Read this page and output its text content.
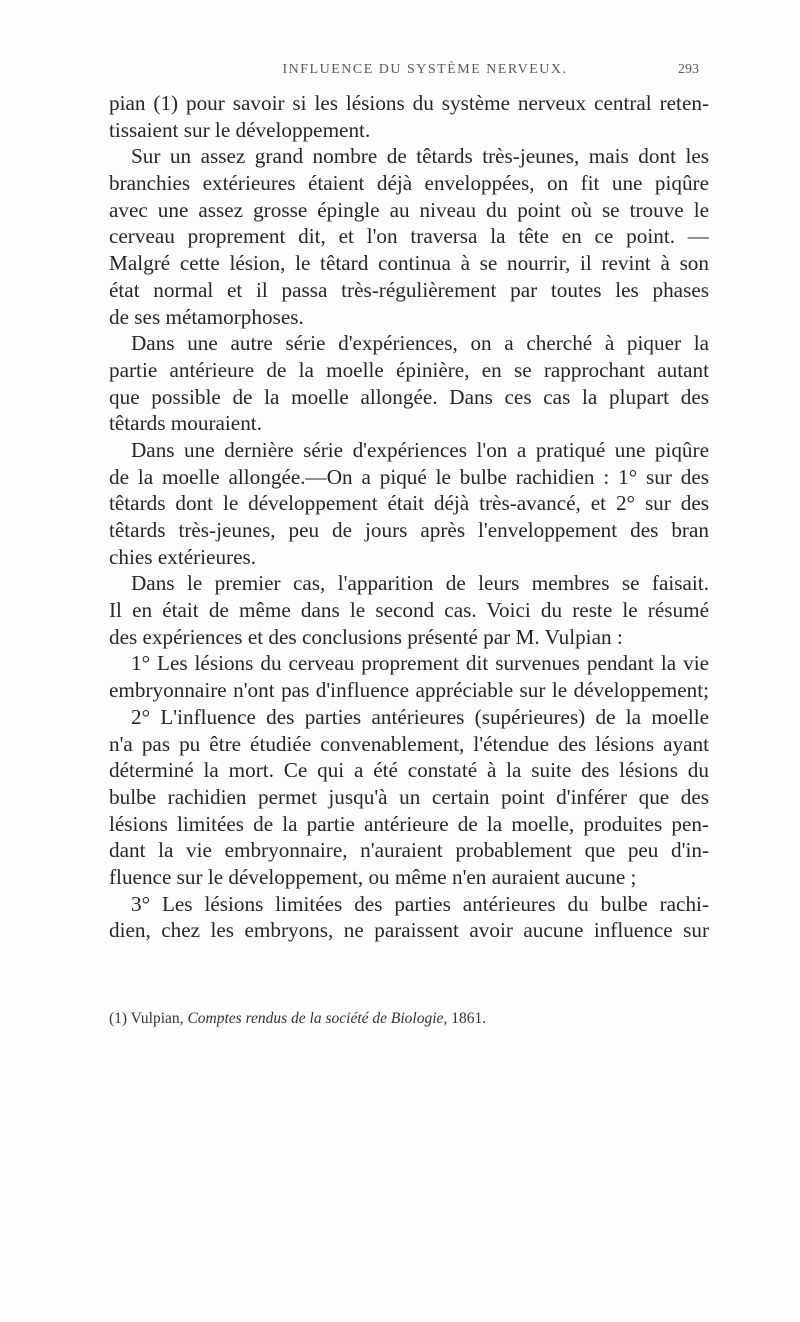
INFLUENCE DU SYSTÈME NERVEUX.	293
pian (1) pour savoir si les lésions du système nerveux central reten-
tissaient sur le développement.
Sur un assez grand nombre de têtards très-jeunes, mais dont les
branchies extérieures étaient déjà enveloppées, on fit une piqûre
avec une assez grosse épingle au niveau du point où se trouve le
cerveau proprement dit, et l'on traversa la tête en ce point. —
Malgré cette lésion, le têtard continua à se nourrir, il revint à son
état normal et il passa très-régulièrement par toutes les phases
de ses métamorphoses.
Dans une autre série d'expériences, on a cherché à piquer la
partie antérieure de la moelle épinière, en se rapprochant autant
que possible de la moelle allongée. Dans ces cas la plupart des
têtards mouraient.
Dans une dernière série d'expériences l'on a pratiqué une piqûre
de la moelle allongée.—On a piqué le bulbe rachidien : 1° sur des
têtards dont le développement était déjà très-avancé, et 2° sur des
têtards très-jeunes, peu de jours après l'enveloppement des bran
chies extérieures.
Dans le premier cas, l'apparition de leurs membres se faisait.
Il en était de même dans le second cas. Voici du reste le résumé
des expériences et des conclusions présenté par M. Vulpian :
1° Les lésions du cerveau proprement dit survenues pendant la vie
embryonnaire n'ont pas d'influence appréciable sur le développement;
2° L'influence des parties antérieures (supérieures) de la moelle
n'a pas pu être étudiée convenablement, l'étendue des lésions ayant
déterminé la mort. Ce qui a été constaté à la suite des lésions du
bulbe rachidien permet jusqu'à un certain point d'inférer que des
lésions limitées de la partie antérieure de la moelle, produites pen-
dant la vie embryonnaire, n'auraient probablement que peu d'in-
fluence sur le développement, ou même n'en auraient aucune ;
3° Les lésions limitées des parties antérieures du bulbe rachi-
dien, chez les embryons, ne paraissent avoir aucune influence sur
(1) Vulpian, Comptes rendus de la société de Biologie, 1861.
